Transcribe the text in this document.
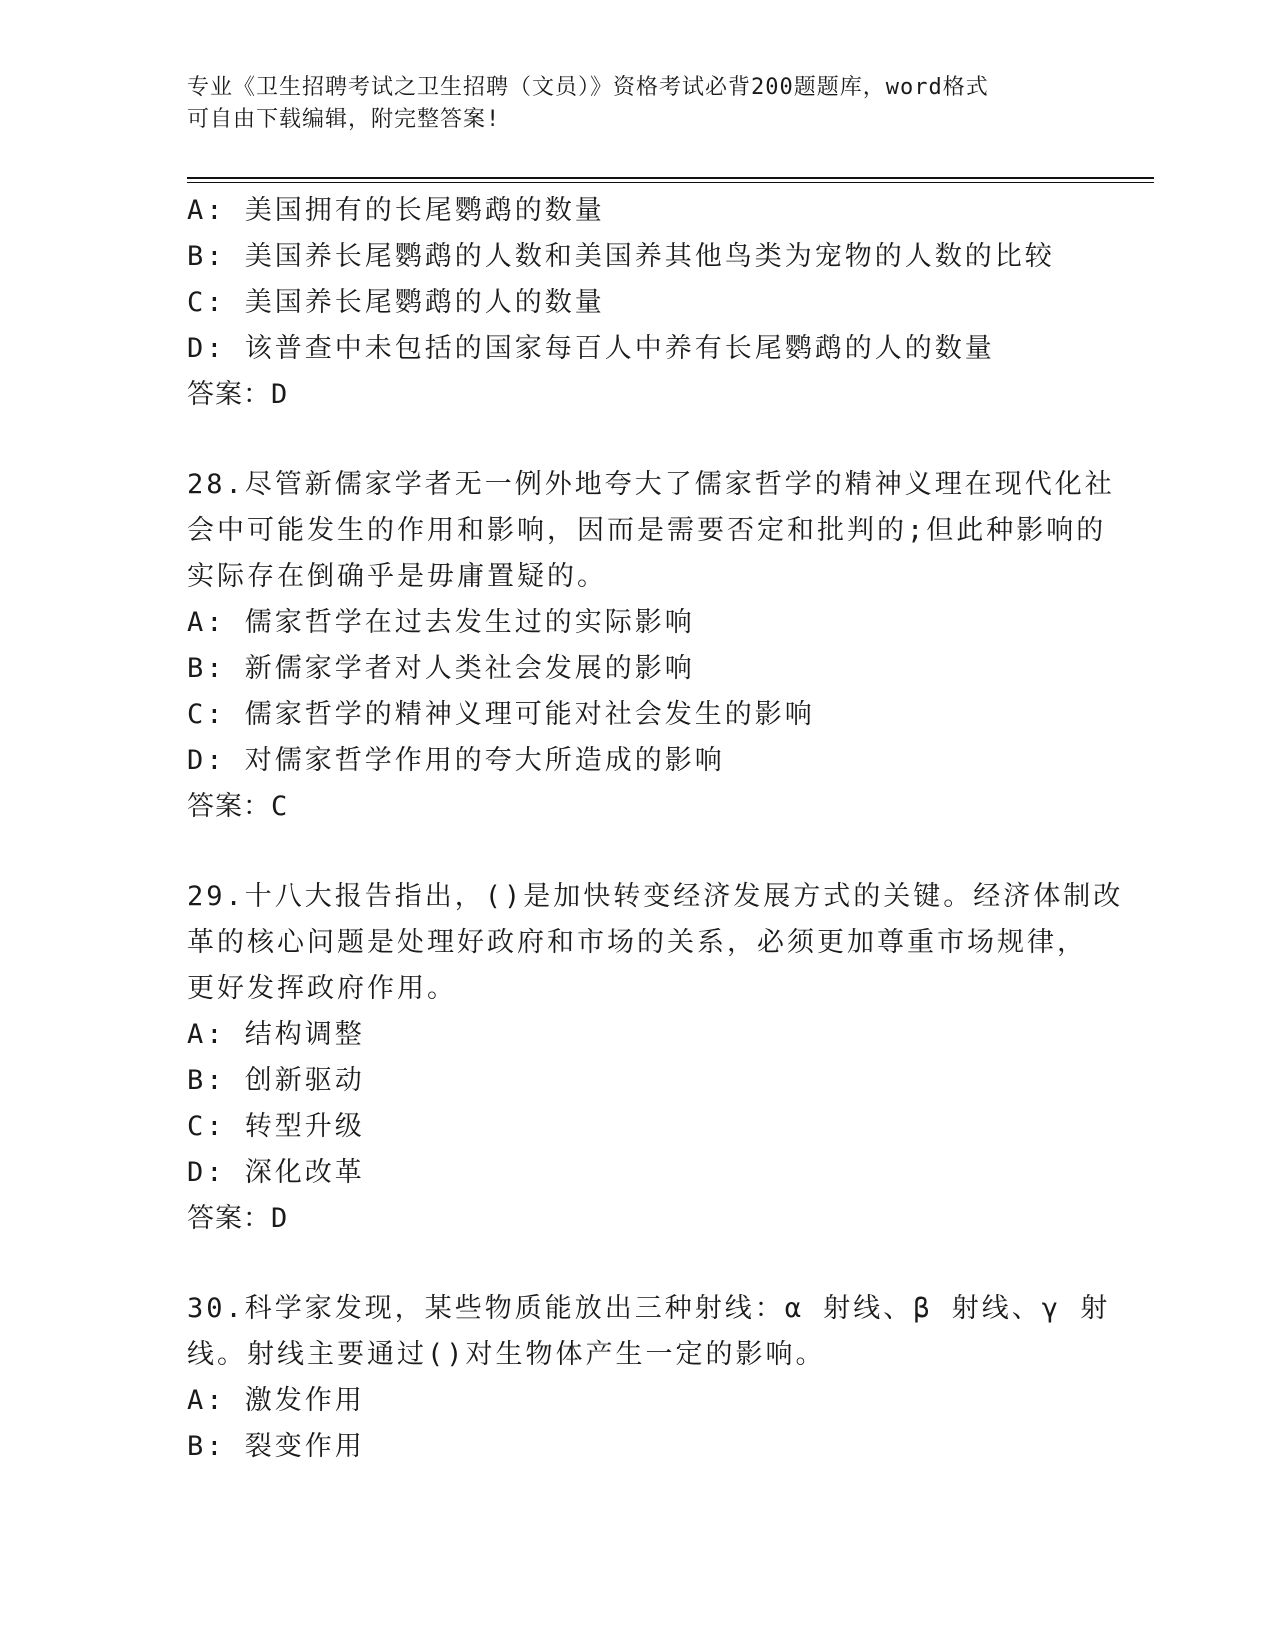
专业《卫生招聘考试之卫生招聘（文员）》资格考试必背200题题库，word格式
可自由下载编辑，附完整答案!
A: 美国拥有的长尾鹦鹉的数量
B: 美国养长尾鹦鹉的人数和美国养其他鸟类为宠物的人数的比较
C: 美国养长尾鹦鹉的人的数量
D: 该普查中未包括的国家每百人中养有长尾鹦鹉的人的数量
答案：D
28.尽管新儒家学者无一例外地夸大了儒家哲学的精神义理在现代化社
会中可能发生的作用和影响，因而是需要否定和批判的;但此种影响的
实际存在倒确乎是毋庸置疑的。
A: 儒家哲学在过去发生过的实际影响
B: 新儒家学者对人类社会发展的影响
C: 儒家哲学的精神义理可能对社会发生的影响
D: 对儒家哲学作用的夸大所造成的影响
答案：C
29.十八大报告指出，()是加快转变经济发展方式的关键。经济体制改
革的核心问题是处理好政府和市场的关系，必须更加尊重市场规律，
更好发挥政府作用。
A: 结构调整
B: 创新驱动
C: 转型升级
D: 深化改革
答案：D
30.科学家发现，某些物质能放出三种射线：α 射线、β 射线、γ 射
线。射线主要通过()对生物体产生一定的影响。
A: 激发作用
B: 裂变作用
